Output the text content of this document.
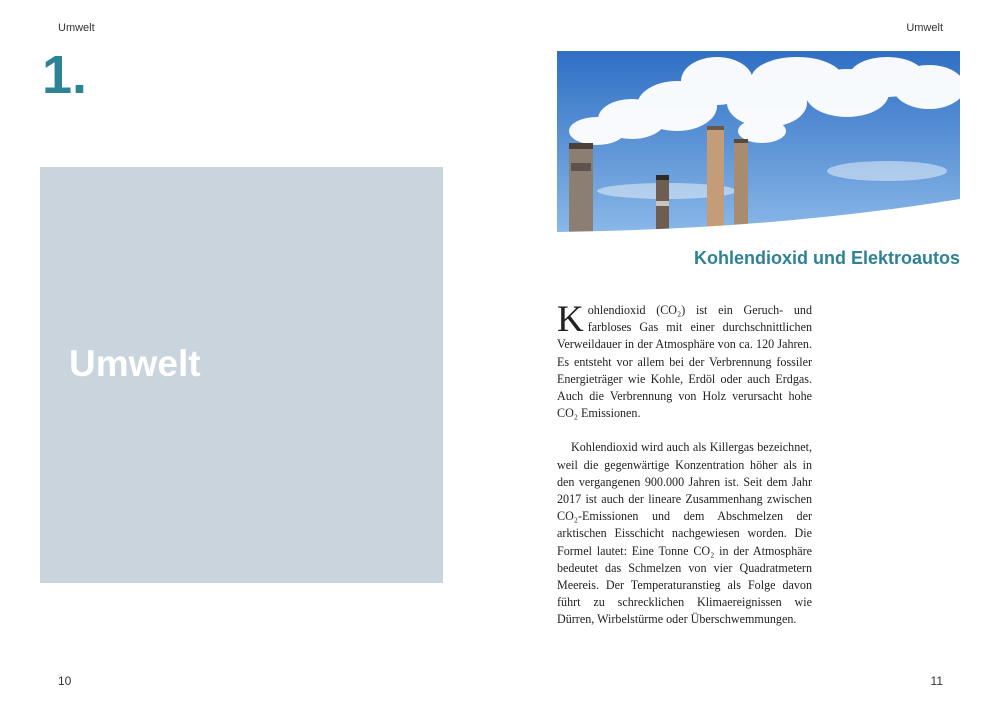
Umwelt
1.
Umwelt
10
Umwelt
Kohlendioxid und Elektroautos

Kohlendioxid (CO₂) ist ein Geruch- und farbloses Gas mit einer durchschnittlichen Verweildauer in der Atmosphäre von ca. 120 Jahren. Es entsteht vor allem bei der Verbrennung fossiler Energieträger wie Kohle, Erdöl oder auch Erdgas. Auch die Verbrennung von Holz verursacht hohe CO₂ Emissionen.

Kohlendioxid wird auch als Killergas bezeichnet, weil die gegenwärtige Konzentration höher als in den vergangenen 900.000 Jahren ist. Seit dem Jahr 2017 ist auch der lineare Zusammenhang zwischen CO₂-Emissionen und dem Abschmelzen der arktischen Eisschicht nachgewiesen worden. Die Formel lautet: Eine Tonne CO₂ in der Atmosphäre bedeutet das Schmelzen von vier Quadratmetern Meereis. Der Temperaturanstieg als Folge davon führt zu schrecklichen Klimaereignissen wie Dürren, Wirbelstürme oder Überschwemmungen.

11
